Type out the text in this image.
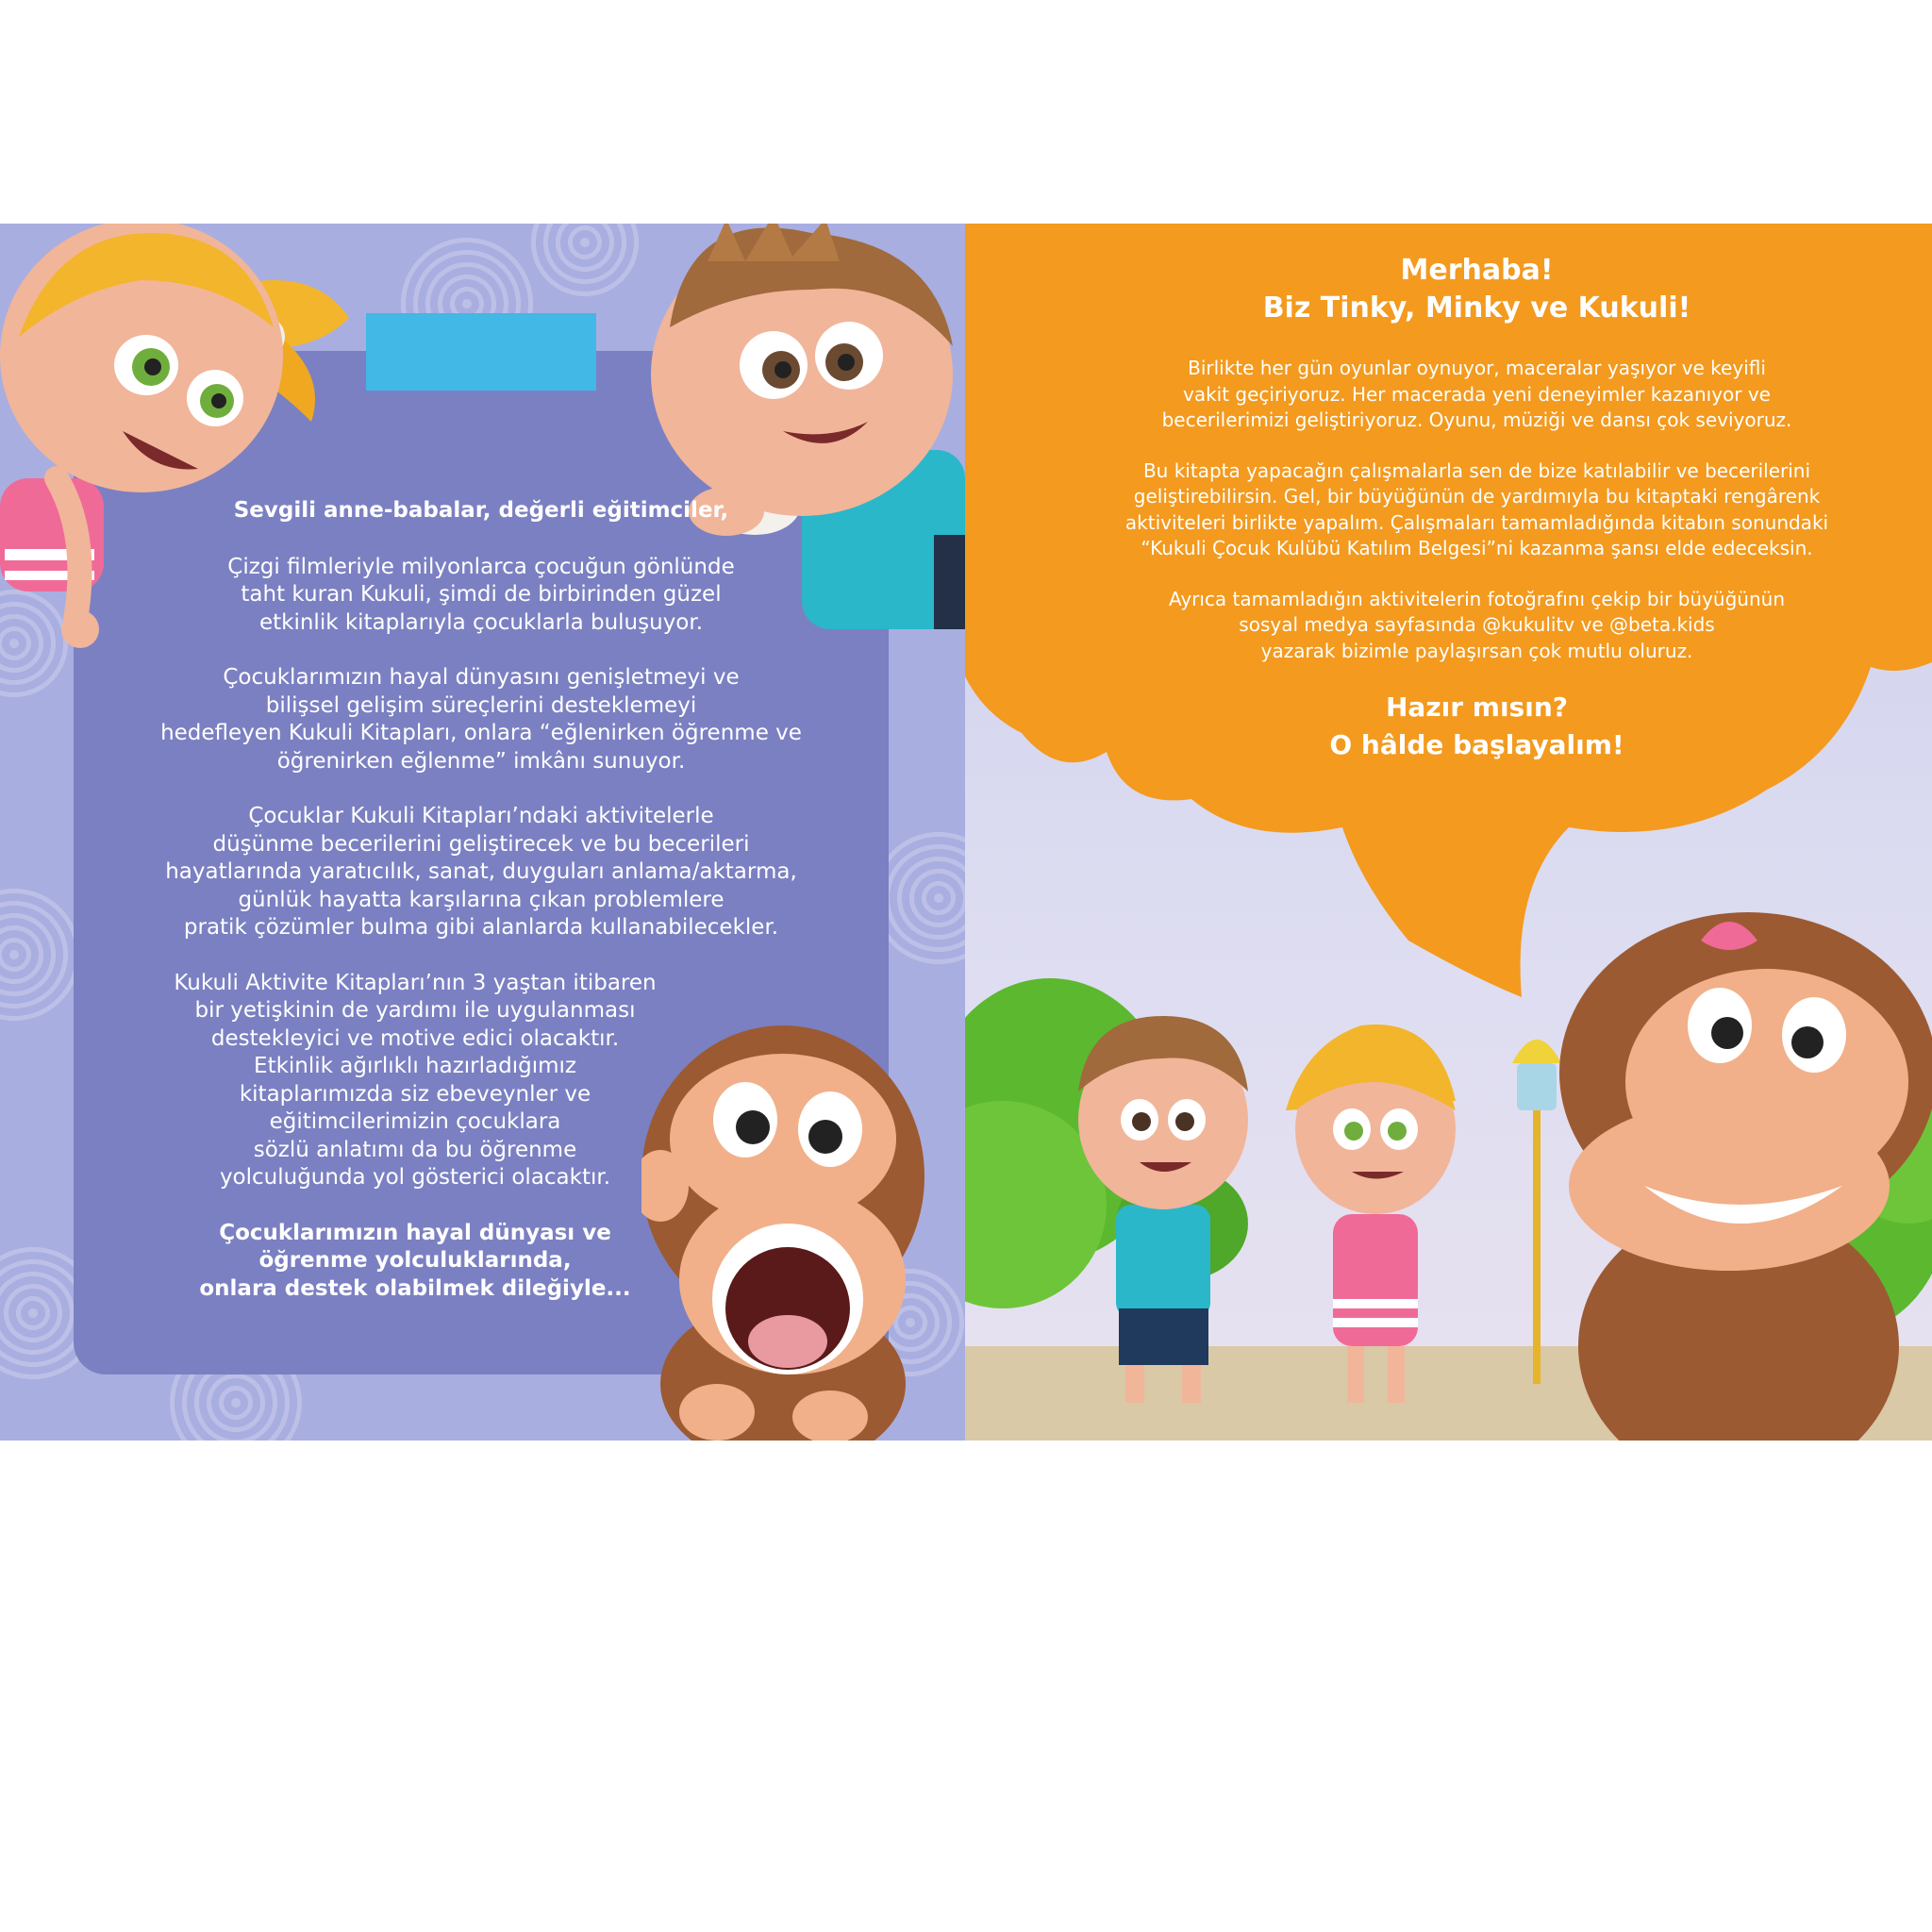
Sevgili anne-babalar, değerli eğitimciler,

Çizgi filmleriyle milyonlarca çocuğun gönlünde
taht kuran Kukuli, şimdi de birbirinden güzel
etkinlik kitaplarıyla çocuklarla buluşuyor.

Çocuklarımızın hayal dünyasını genişletmeyi ve
bilişsel gelişim süreçlerini desteklemeyi
hedefleyen Kukuli Kitapları, onlara “eğlenirken öğrenme ve
öğrenirken eğlenme” imkânı sunuyor.

Çocuklar Kukuli Kitapları’ndaki aktivitelerle
düşünme becerilerini geliştirecek ve bu becerileri
hayatlarında yaratıcılık, sanat, duyguları anlama/aktarma,
günlük hayatta karşılarına çıkan problemlere
pratik çözümler bulma gibi alanlarda kullanabilecekler.

Kukuli Aktivite Kitapları’nın 3 yaştan itibaren
bir yetişkinin de yardımı ile uygulanması
destekleyici ve motive edici olacaktır.
Etkinlik ağırlıklı hazırladığımız
kitaplarımızda siz ebeveynler ve
eğitimcilerimizin çocuklara
sözlü anlatımı da bu öğrenme
yolculuğunda yol gösterici olacaktır.

Çocuklarımızın hayal dünyası ve
öğrenme yolculuklarında,
onlara destek olabilmek dileğiyle...

Merhaba!
Biz Tinky, Minky ve Kukuli!

Birlikte her gün oyunlar oynuyor, maceralar yaşıyor ve keyifli
vakit geçiriyoruz. Her macerada yeni deneyimler kazanıyor ve
becerilerimizi geliştiriyoruz. Oyunu, müziği ve dansı çok seviyoruz.

Bu kitapta yapacağın çalışmalarla sen de bize katılabilir ve becerilerini
geliştirebilirsin. Gel, bir büyüğünün de yardımıyla bu kitaptaki rengârenk
aktiviteleri birlikte yapalım. Çalışmaları tamamladığında kitabın sonundaki
“Kukuli Çocuk Kulübü Katılım Belgesi”ni kazanma şansı elde edeceksin.

Ayrıca tamamladığın aktivitelerin fotoğrafını çekip bir büyüğünün
sosyal medya sayfasında @kukulitv ve @beta.kids
yazarak bizimle paylaşırsan çok mutlu oluruz.

Hazır mısın?
O hâlde başlayalım!
